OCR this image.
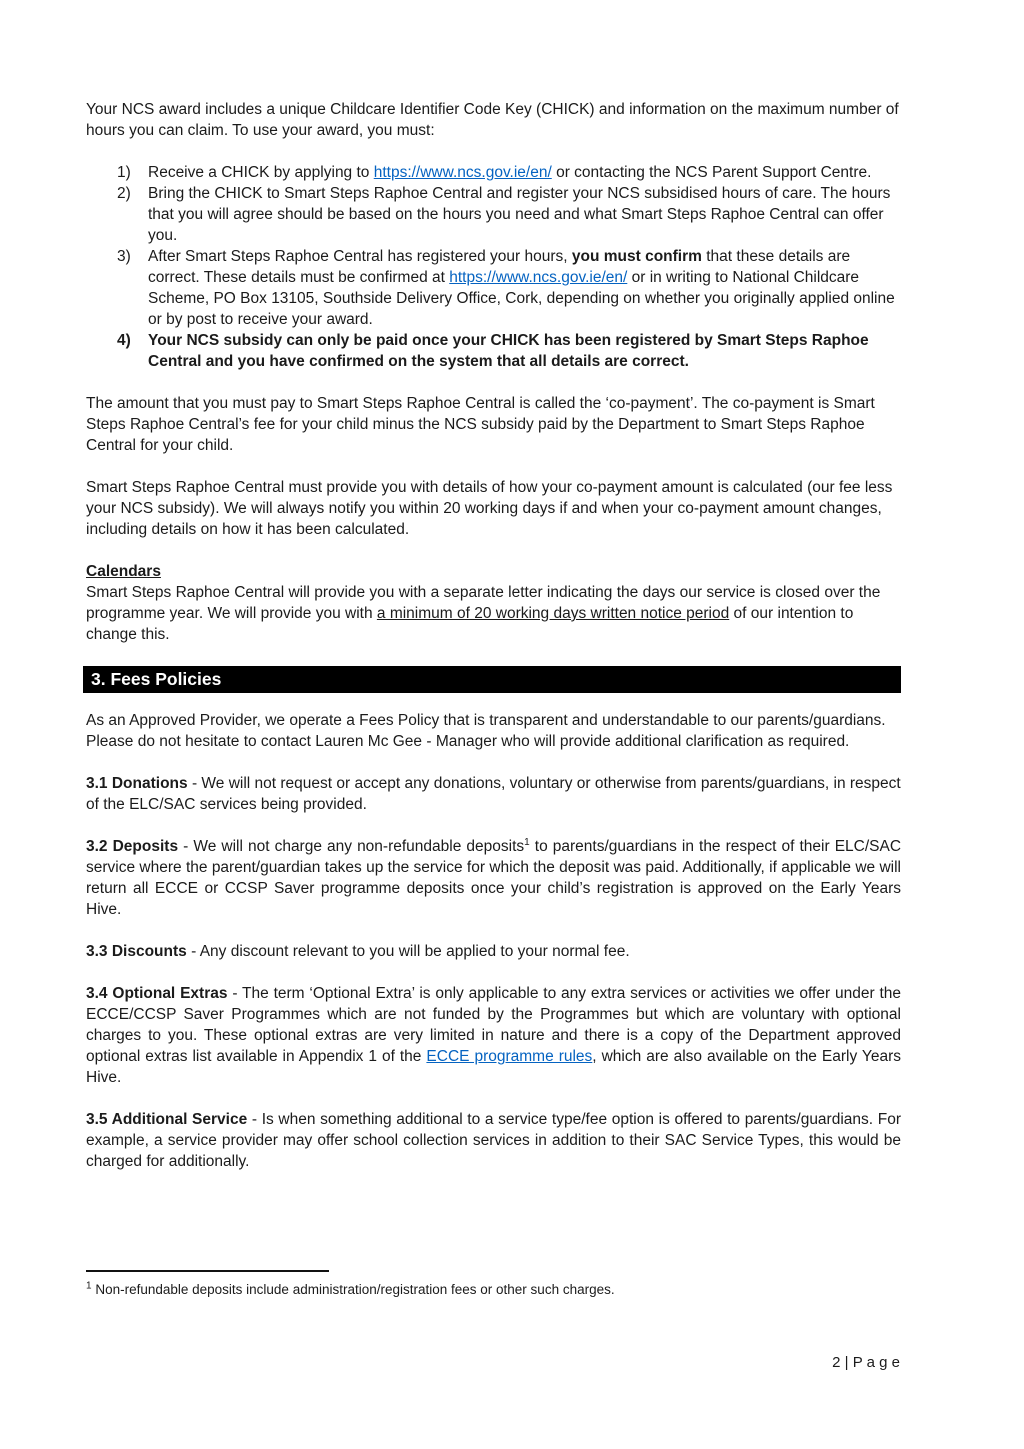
Your NCS award includes a unique Childcare Identifier Code Key (CHICK) and information on the maximum number of hours you can claim. To use your award, you must:
1)	Receive a CHICK by applying to https://www.ncs.gov.ie/en/ or contacting the NCS Parent Support Centre.
2)	Bring the CHICK to Smart Steps Raphoe Central and register your NCS subsidised hours of care. The hours that you will agree should be based on the hours you need and what Smart Steps Raphoe Central can offer you.
3)	After Smart Steps Raphoe Central has registered your hours, you must confirm that these details are correct. These details must be confirmed at https://www.ncs.gov.ie/en/ or in writing to National Childcare Scheme, PO Box 13105, Southside Delivery Office, Cork, depending on whether you originally applied online or by post to receive your award.
4)	Your NCS subsidy can only be paid once your CHICK has been registered by Smart Steps Raphoe Central and you have confirmed on the system that all details are correct.
The amount that you must pay to Smart Steps Raphoe Central is called the ‘co-payment’. The co-payment is Smart Steps Raphoe Central’s fee for your child minus the NCS subsidy paid by the Department to Smart Steps Raphoe Central for your child.
Smart Steps Raphoe Central must provide you with details of how your co-payment amount is calculated (our fee less your NCS subsidy). We will always notify you within 20 working days if and when your co-payment amount changes, including details on how it has been calculated.
Calendars
Smart Steps Raphoe Central will provide you with a separate letter indicating the days our service is closed over the programme year. We will provide you with a minimum of 20 working days written notice period of our intention to change this.
3. Fees Policies
As an Approved Provider, we operate a Fees Policy that is transparent and understandable to our parents/guardians. Please do not hesitate to contact Lauren Mc Gee - Manager who will provide additional clarification as required.
3.1 Donations - We will not request or accept any donations, voluntary or otherwise from parents/guardians, in respect of the ELC/SAC services being provided.
3.2 Deposits - We will not charge any non-refundable deposits$^1$ to parents/guardians in the respect of their ELC/SAC service where the parent/guardian takes up the service for which the deposit was paid. Additionally, if applicable we will return all ECCE or CCSP Saver programme deposits once your child’s registration is approved on the Early Years Hive.
3.3 Discounts - Any discount relevant to you will be applied to your normal fee.
3.4 Optional Extras - The term ‘Optional Extra’ is only applicable to any extra services or activities we offer under the ECCE/CCSP Saver Programmes which are not funded by the Programmes but which are voluntary with optional charges to you. These optional extras are very limited in nature and there is a copy of the Department approved optional extras list available in Appendix 1 of the ECCE programme rules, which are also available on the Early Years Hive.
3.5 Additional Service - Is when something additional to a service type/fee option is offered to parents/guardians. For example, a service provider may offer school collection services in addition to their SAC Service Types, this would be charged for additionally.
$^1$ Non-refundable deposits include administration/registration fees or other such charges.
2 | P a g e
